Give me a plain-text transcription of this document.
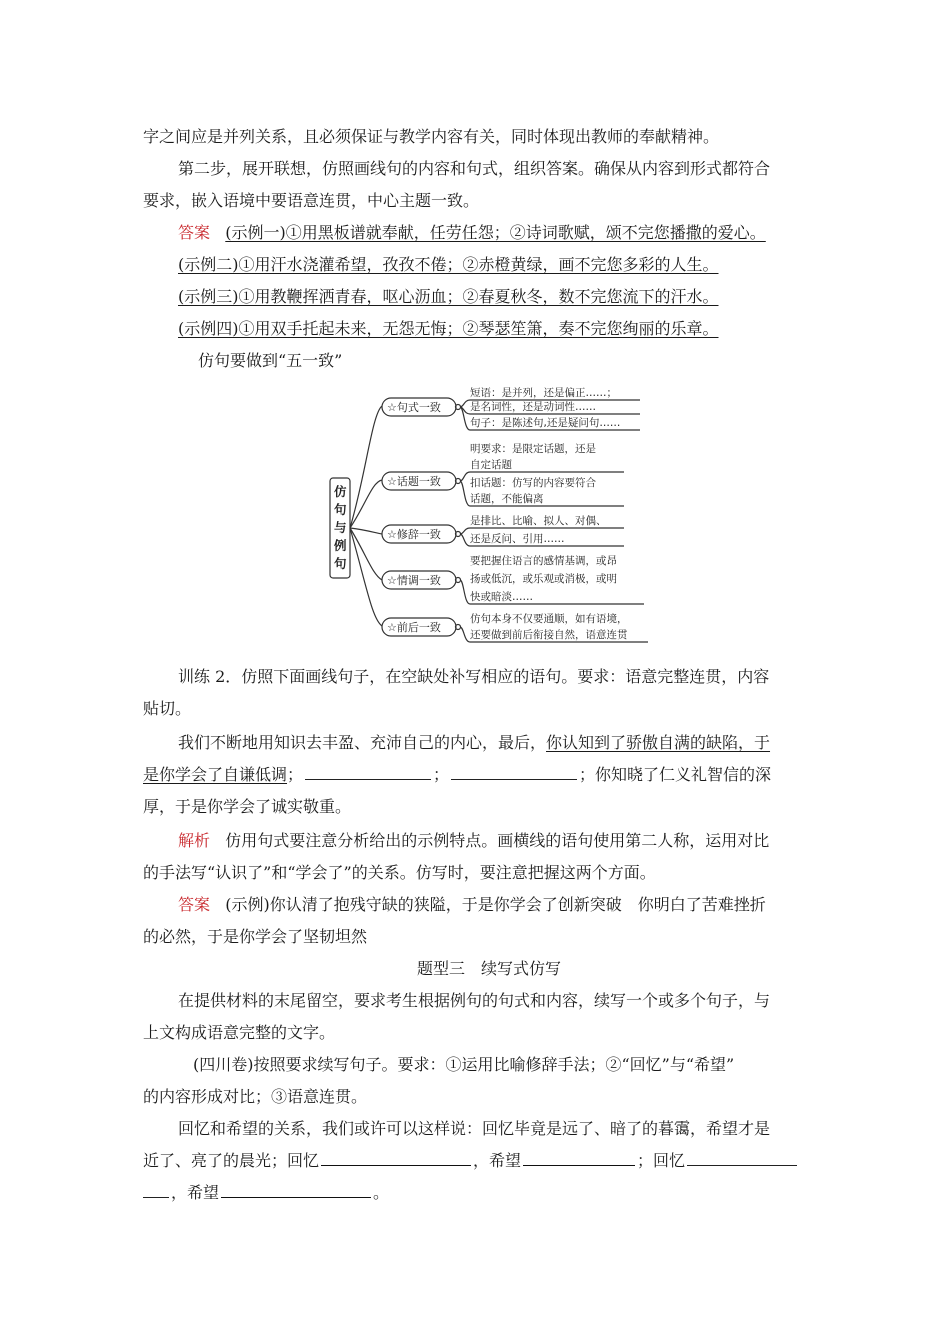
字之间应是并列关系，且必须保证与教学内容有关，同时体现出教师的奉献精神。
第二步，展开联想，仿照画线句的内容和句式，组织答案。确保从内容到形式都符合
要求，嵌入语境中要语意连贯，中心主题一致。
答案 (示例一)①用黑板谱就奉献，任劳任怨；②诗词歌赋，颂不完您播撒的爱心。
(示例二)①用汗水浇灌希望，孜孜不倦；②赤橙黄绿，画不完您多彩的人生。
(示例三)①用教鞭挥洒青春，呕心沥血；②春夏秋冬，数不完您流下的汗水。
(示例四)①用双手托起未来，无怨无悔；②琴瑟笙箫，奏不完您绚丽的乐章。
仿句要做到“五一致”
仿
句
与
例
句
☆句式一致
☆话题一致
☆修辞一致
☆情调一致
☆前后一致
短语：是并列，还是偏正……；
是名词性，还是动词性……
句子：是陈述句,还是疑问句……
明要求：是限定话题，还是
自定话题
扣话题：仿写的内容要符合
话题，不能偏离
是排比、比喻、拟人、对偶、
还是反问、引用……
要把握住语言的感情基调，或昂
扬或低沉，或乐观或消极，或明
快或暗淡……
仿句本身不仅要通顺，如有语境，
还要做到前后衔接自然，语意连贯
训练 2．仿照下面画线句子，在空缺处补写相应的语句。要求：语意完整连贯，内容
贴切。
我们不断地用知识去丰盈、充沛自己的内心，最后，你认知到了骄傲自满的缺陷，于
是你学会了自谦低调；	；	；你知晓了仁义礼智信的深
厚，于是你学会了诚实敬重。
解析 仿用句式要注意分析给出的示例特点。画横线的语句使用第二人称，运用对比
的手法写“认识了”和“学会了”的关系。仿写时，要注意把握这两个方面。
答案 (示例)你认清了抱残守缺的狭隘，于是你学会了创新突破　你明白了苦难挫折
的必然，于是你学会了坚韧坦然
题型三　续写式仿写
在提供材料的末尾留空，要求考生根据例句的句式和内容，续写一个或多个句子，与
上文构成语意完整的文字。
(四川卷)按照要求续写句子。要求：①运用比喻修辞手法；②“回忆”与“希望”
的内容形成对比；③语意连贯。
回忆和希望的关系，我们或许可以这样说：回忆毕竟是远了、暗了的暮霭，希望才是
近了、亮了的晨光；回忆	，希望	；回忆
，希望	。
